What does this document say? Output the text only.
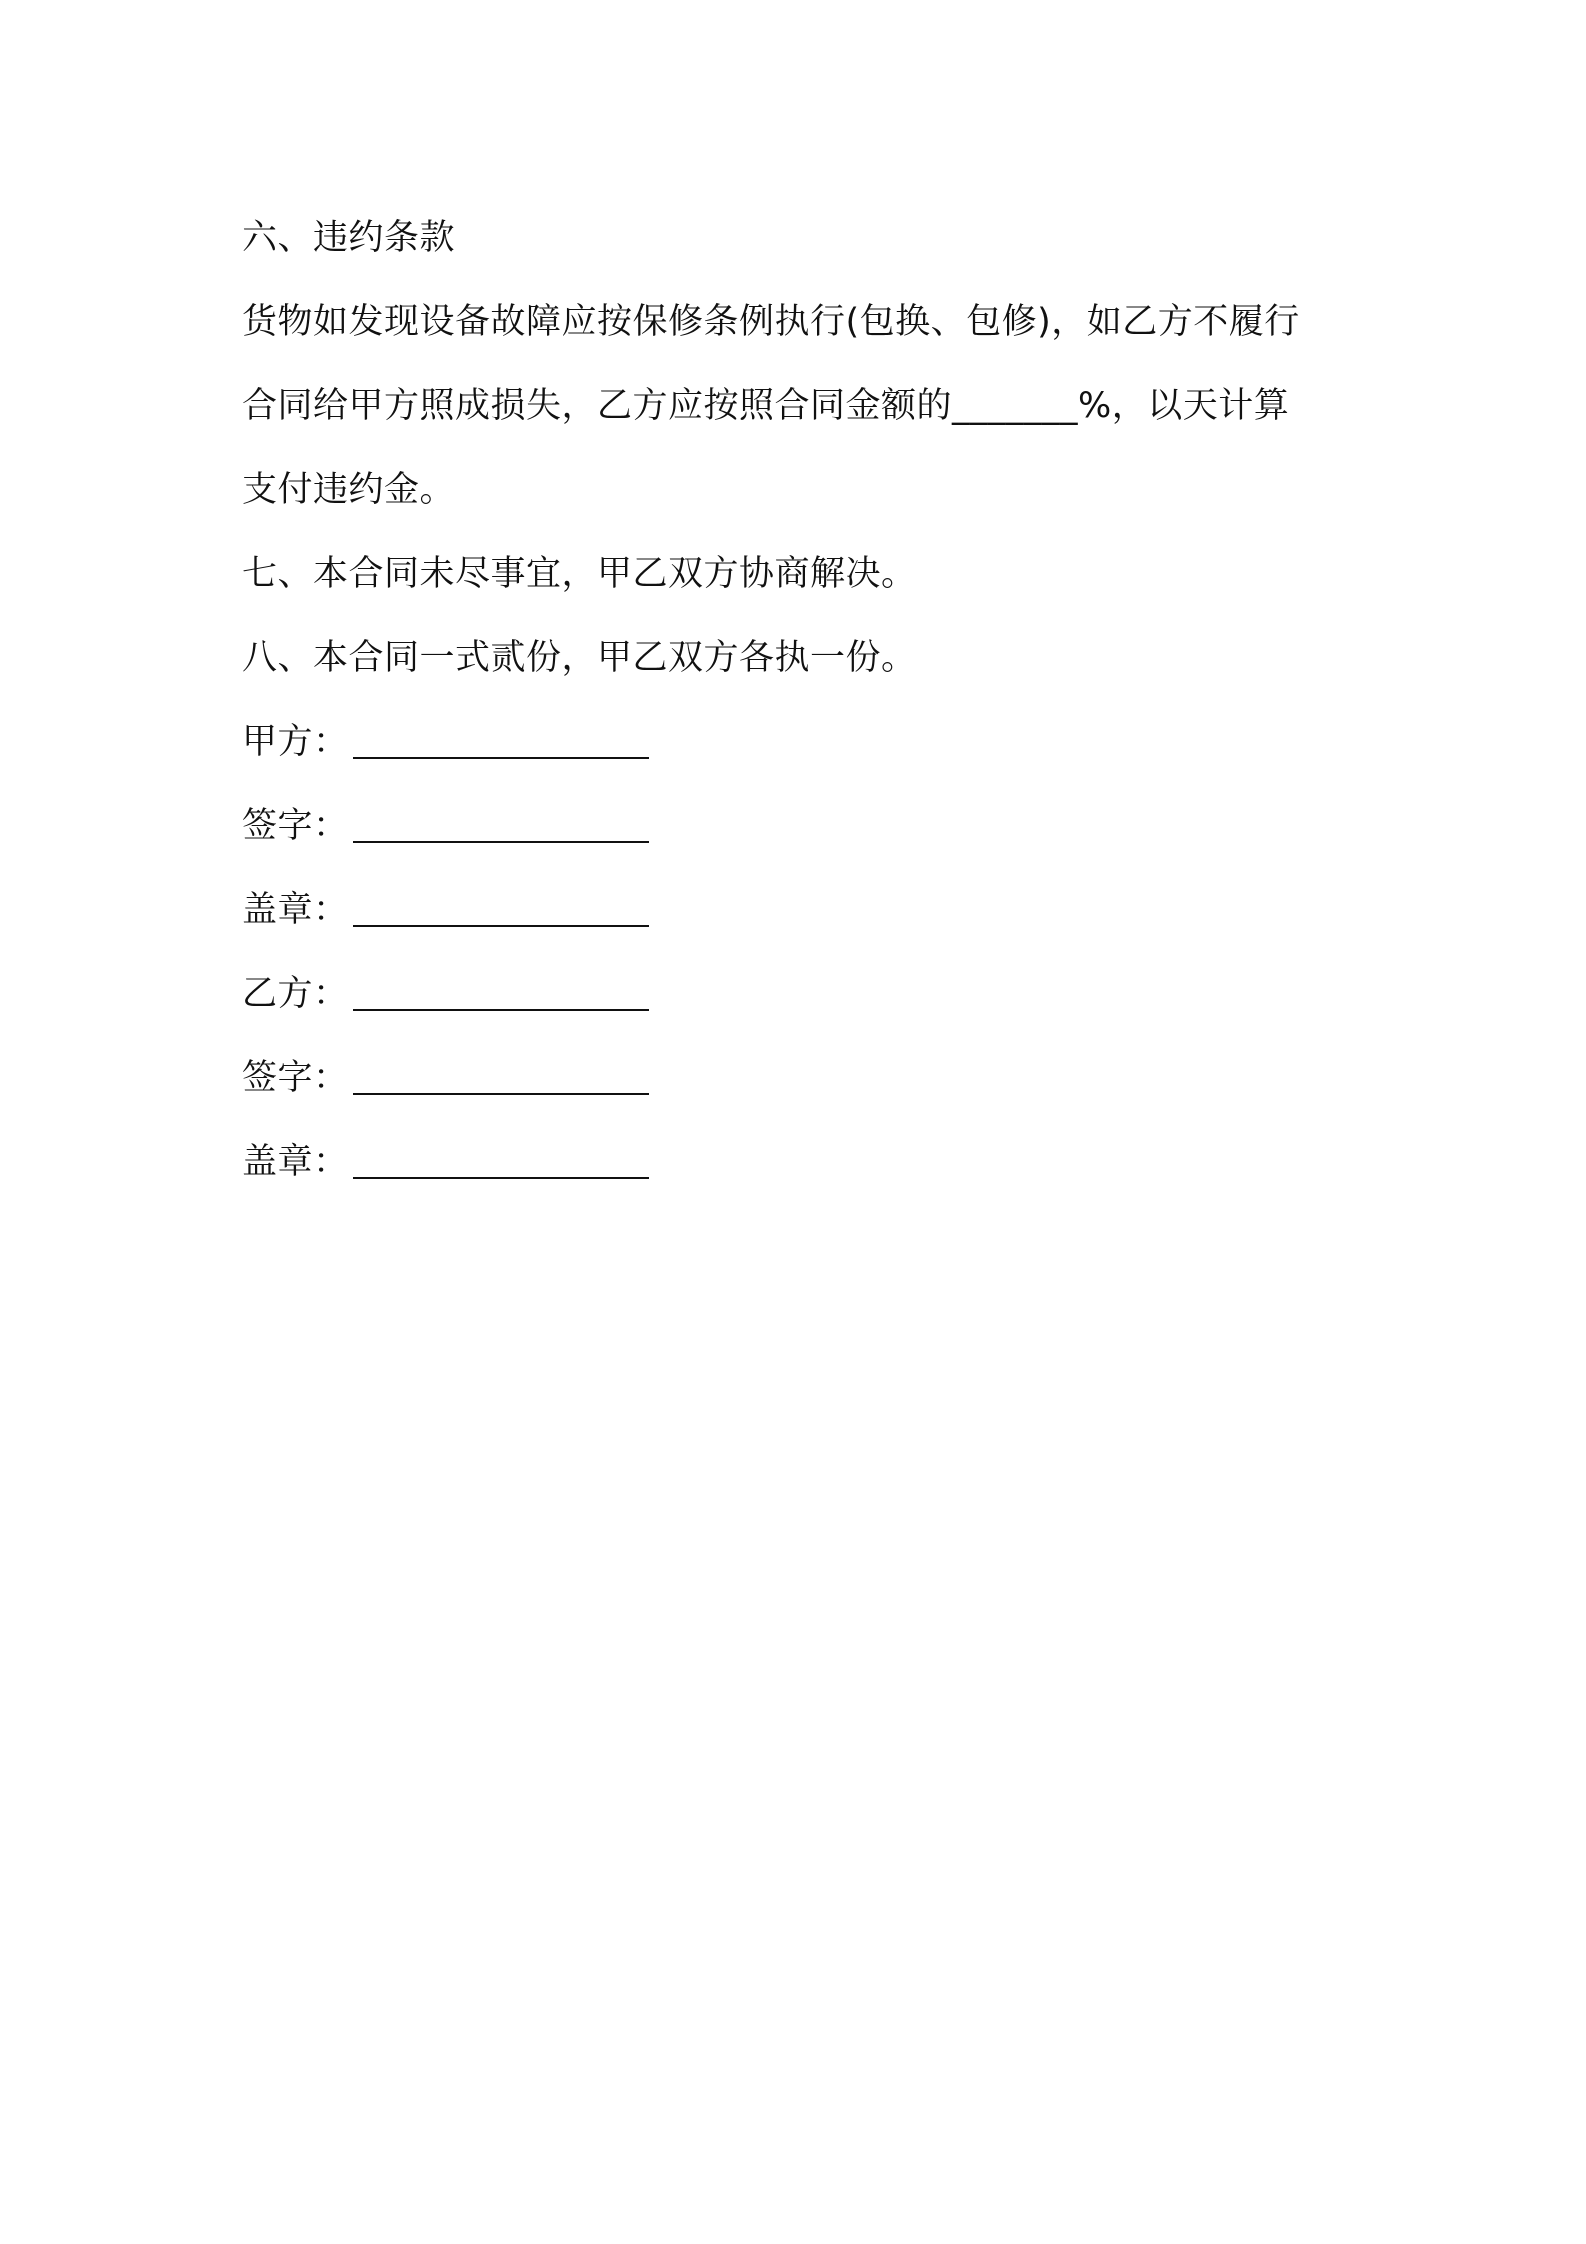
六、违约条款
货物如发现设备故障应按保修条例执行(包换、包修)，如乙方不履行
合同给甲方照成损失，乙方应按照合同金额的_______%，以天计算
支付违约金。
七、本合同未尽事宜，甲乙双方协商解决。
八、本合同一式贰份，甲乙双方各执一份。
甲方：
签字：
盖章：
乙方：
签字：
盖章：
